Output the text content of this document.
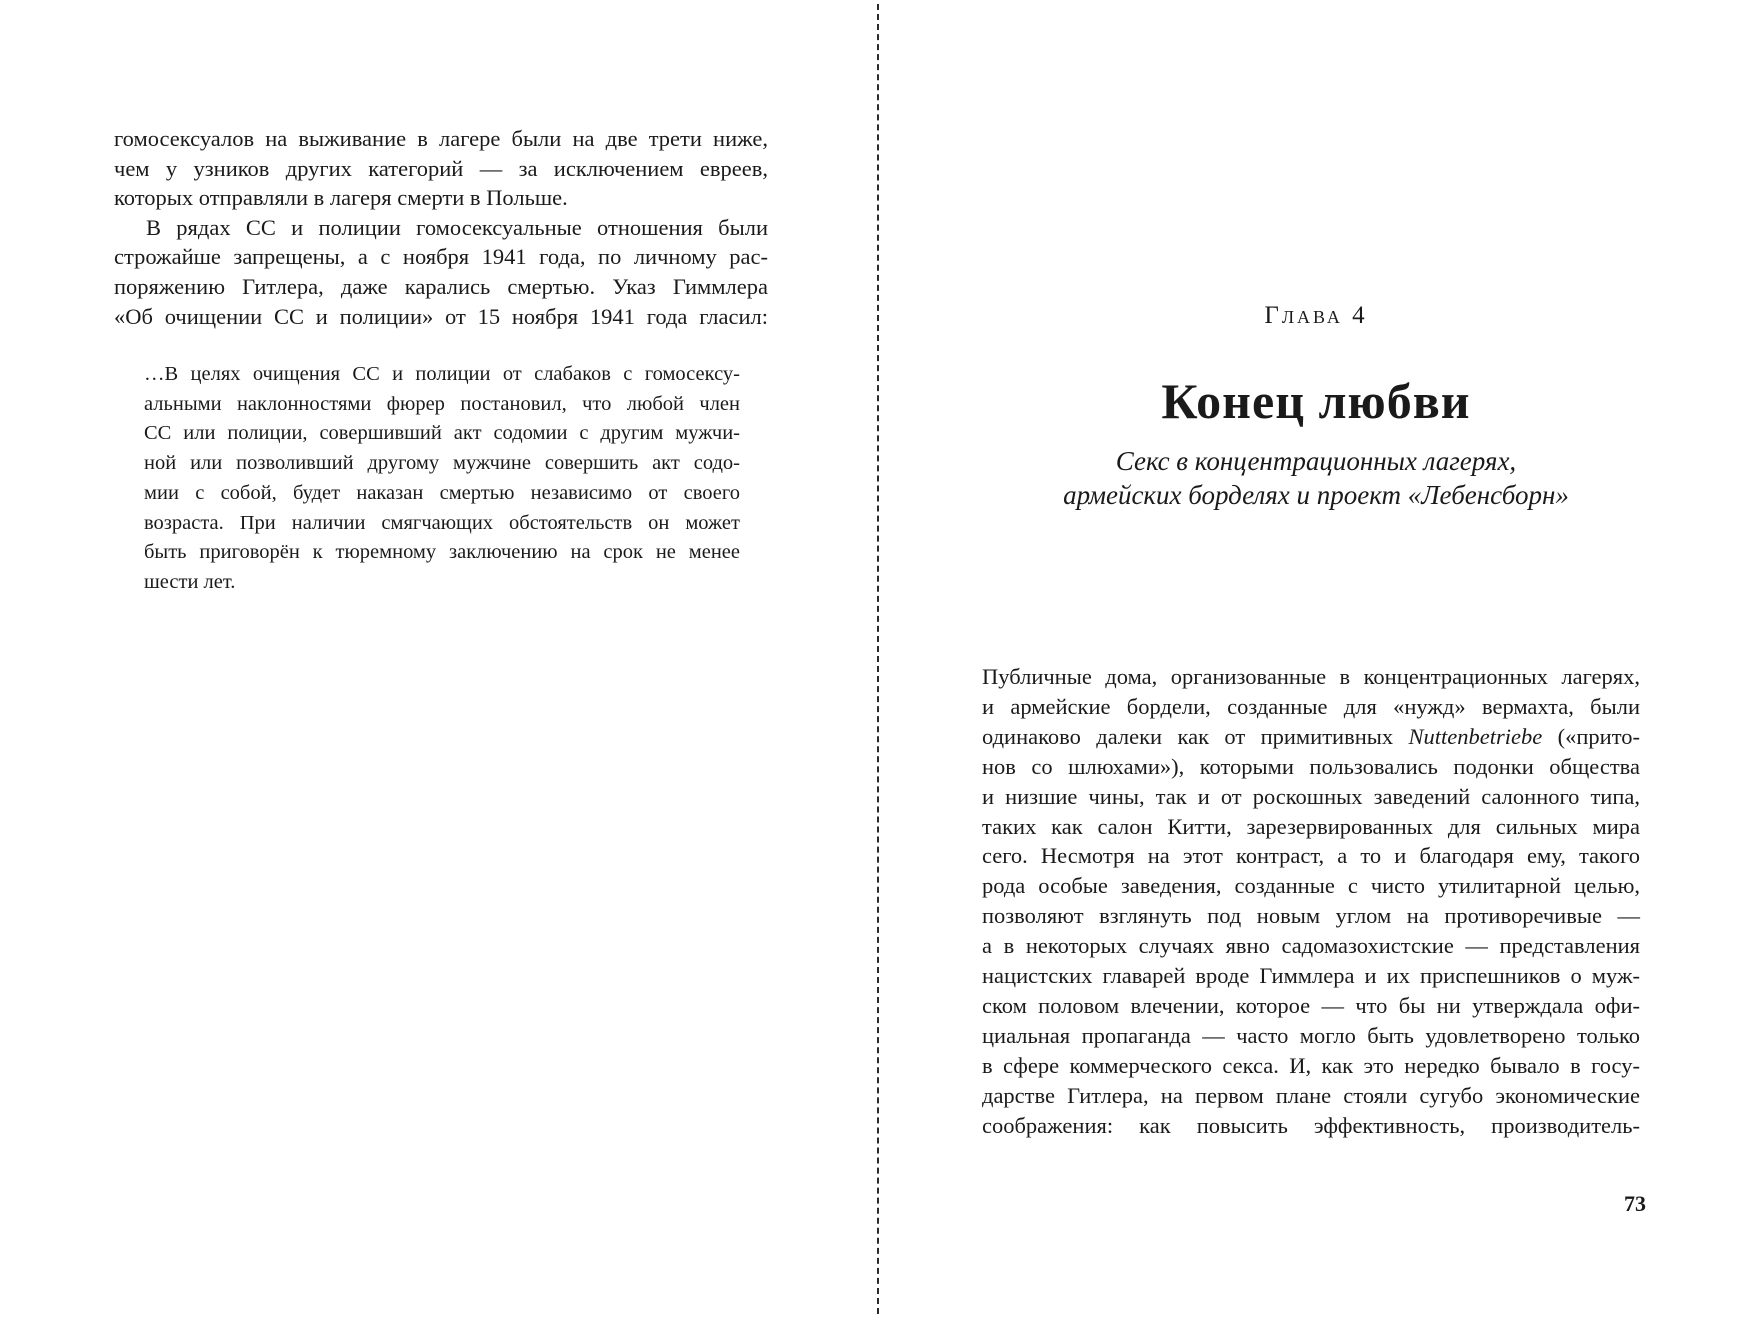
гомосексуалов на выживание в лагере были на две трети ниже,
чем у узников других категорий — за исключением евреев,
которых отправляли в лагеря смерти в Польше.
В рядах СС и полиции гомосексуальные отношения были
строжайше запрещены, а с ноября 1941 года, по личному рас-
поряжению Гитлера, даже карались смертью. Указ Гиммлера
«Об очищении СС и полиции» от 15 ноября 1941 года гласил:
…В целях очищения СС и полиции от слабаков с гомосексу-
альными наклонностями фюрер постановил, что любой член
СС или полиции, совершивший акт содомии с другим мужчи-
ной или позволивший другому мужчине совершить акт содо-
мии с собой, будет наказан смертью независимо от своего
возраста. При наличии смягчающих обстоятельств он может
быть приговорён к тюремному заключению на срок не менее
шести лет.
Глава 4
Конец любви
Секс в концентрационных лагерях,
армейских борделях и проект «Лебенсборн»
Публичные дома, организованные в концентрационных лагерях,
и армейские бордели, созданные для «нужд» вермахта, были
одинаково далеки как от примитивных Nuttenbetriebe («прито-
нов со шлюхами»), которыми пользовались подонки общества
и низшие чины, так и от роскошных заведений салонного типа,
таких как салон Китти, зарезервированных для сильных мира
сего. Несмотря на этот контраст, а то и благодаря ему, такого
рода особые заведения, созданные с чисто утилитарной целью,
позволяют взглянуть под новым углом на противоречивые —
а в некоторых случаях явно садомазохистские — представления
нацистских главарей вроде Гиммлера и их приспешников о муж-
ском половом влечении, которое — что бы ни утверждала офи-
циальная пропаганда — часто могло быть удовлетворено только
в сфере коммерческого секса. И, как это нередко бывало в госу-
дарстве Гитлера, на первом плане стояли сугубо экономические
соображения: как повысить эффективность, производитель-
73
